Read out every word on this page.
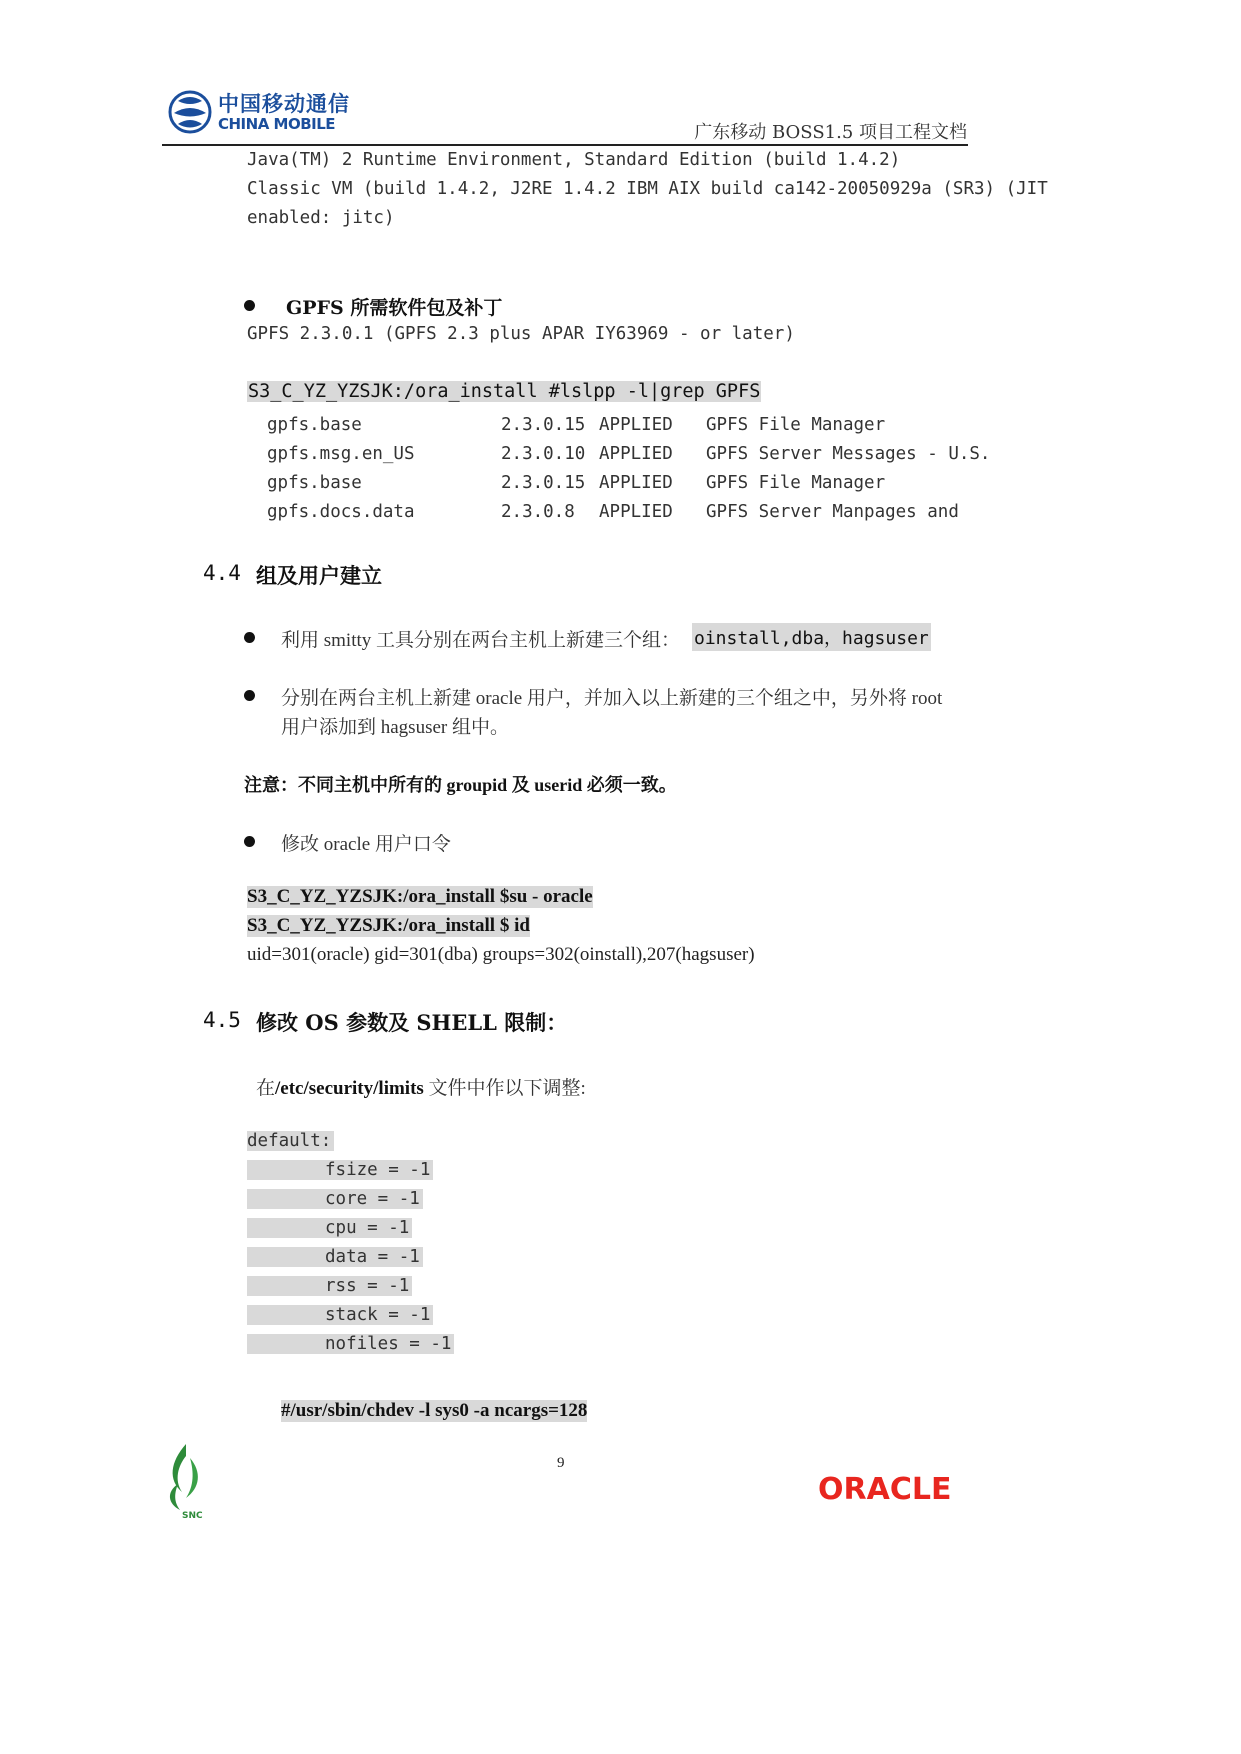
中国移动通信
CHINA MOBILE	广东移动 BOSS1.5 项目工程文档
Java(TM) 2 Runtime Environment, Standard Edition (build 1.4.2)
Classic VM (build 1.4.2, J2RE 1.4.2 IBM AIX build ca142-20050929a (SR3) (JIT
enabled: jitc)
GPFS 所需软件包及补丁
GPFS 2.3.0.1 (GPFS 2.3 plus APAR IY63969 - or later)
S3_C_YZ_YZSJK:/ora_install #lslpp -l|grep GPFS
gpfs.base	2.3.0.15	APPLIED	GPFS File Manager
gpfs.msg.en_US	2.3.0.10	APPLIED	GPFS Server Messages - U.S.
gpfs.base	2.3.0.15	APPLIED	GPFS File Manager
gpfs.docs.data	2.3.0.8	APPLIED	GPFS Server Manpages and
4.4 组及用户建立
利用 smitty 工具分别在两台主机上新建三个组： oinstall,dba，hagsuser
分别在两台主机上新建 oracle 用户，并加入以上新建的三个组之中，另外将 root
用户添加到 hagsuser 组中。
注意：不同主机中所有的 groupid 及 userid 必须一致。
修改 oracle 用户口令
S3_C_YZ_YZSJK:/ora_install $su - oracle
S3_C_YZ_YZSJK:/ora_install $ id
uid=301(oracle) gid=301(dba) groups=302(oinstall),207(hagsuser)
4.5 修改 OS 参数及 SHELL 限制：
在/etc/security/limits 文件中作以下调整:
default:
fsize = -1
core = -1
cpu = -1
data = -1
rss = -1
stack = -1
nofiles = -1
#/usr/sbin/chdev -l sys0 -a ncargs=128
9
SNC
ORACLE
